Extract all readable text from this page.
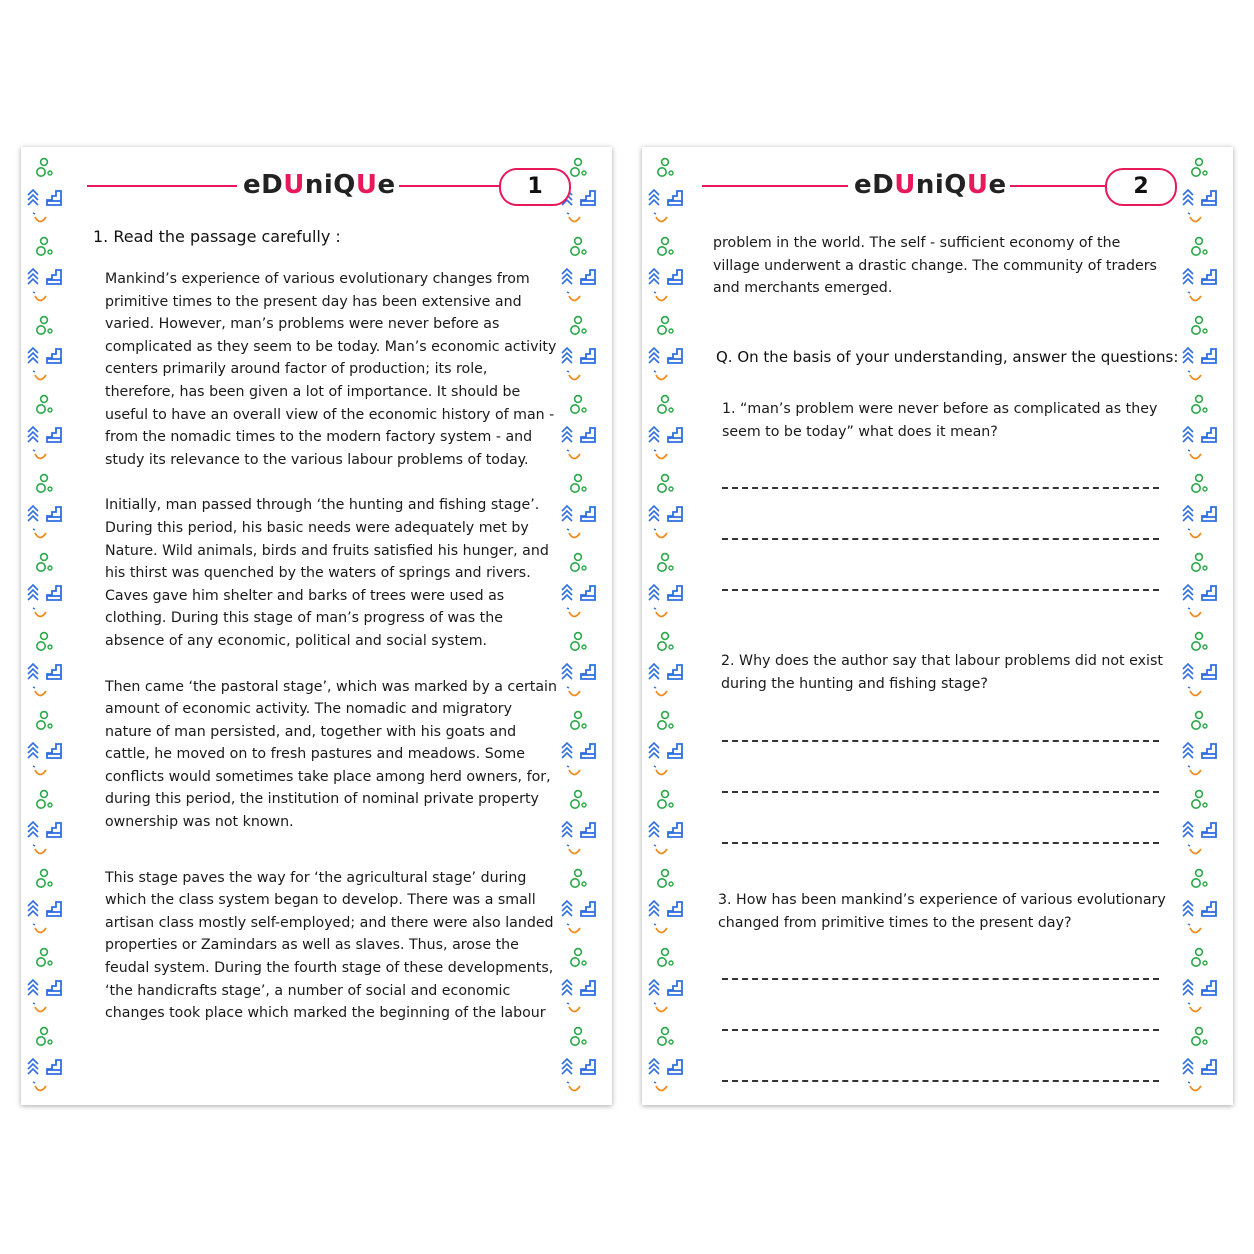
eDUniQUe	1
1. Read the passage carefully :

Mankind’s experience of various evolutionary changes from primitive times to the present day has been extensive and varied. However, man’s problems were never before as complicated as they seem to be today. Man’s economic activity centers primarily around factor of production; its role, therefore, has been given a lot of importance. It should be useful to have an overall view of the economic history of man - from the nomadic times to the modern factory system - and study its relevance to the various labour problems of today.

Initially, man passed through ‘the hunting and fishing stage’. During this period, his basic needs were adequately met by Nature. Wild animals, birds and fruits satisfied his hunger, and his thirst was quenched by the waters of springs and rivers. Caves gave him shelter and barks of trees were used as clothing. During this stage of man’s progress of was the absence of any economic, political and social system.

Then came ‘the pastoral stage’, which was marked by a certain amount of economic activity. The nomadic and migratory nature of man persisted, and, together with his goats and cattle, he moved on to fresh pastures and meadows. Some conflicts would sometimes take place among herd owners, for, during this period, the institution of nominal private property ownership was not known.

This stage paves the way for ‘the agricultural stage’ during which the class system began to develop. There was a small artisan class mostly self-employed; and there were also landed properties or Zamindars as well as slaves. Thus, arose the feudal system. During the fourth stage of these developments, ‘the handicrafts stage’, a number of social and economic changes took place which marked the beginning of the labour

eDUniQUe	2
problem in the world. The self - sufficient economy of the village underwent a drastic change. The community of traders and merchants emerged.
Q. On the basis of your understanding, answer the questions:
1. “man’s problem were never before as complicated as they seem to be today” what does it mean?
2. Why does the author say that labour problems did not exist during the hunting and fishing stage?
3. How has been mankind’s experience of various evolutionary changed from primitive times to the present day?
